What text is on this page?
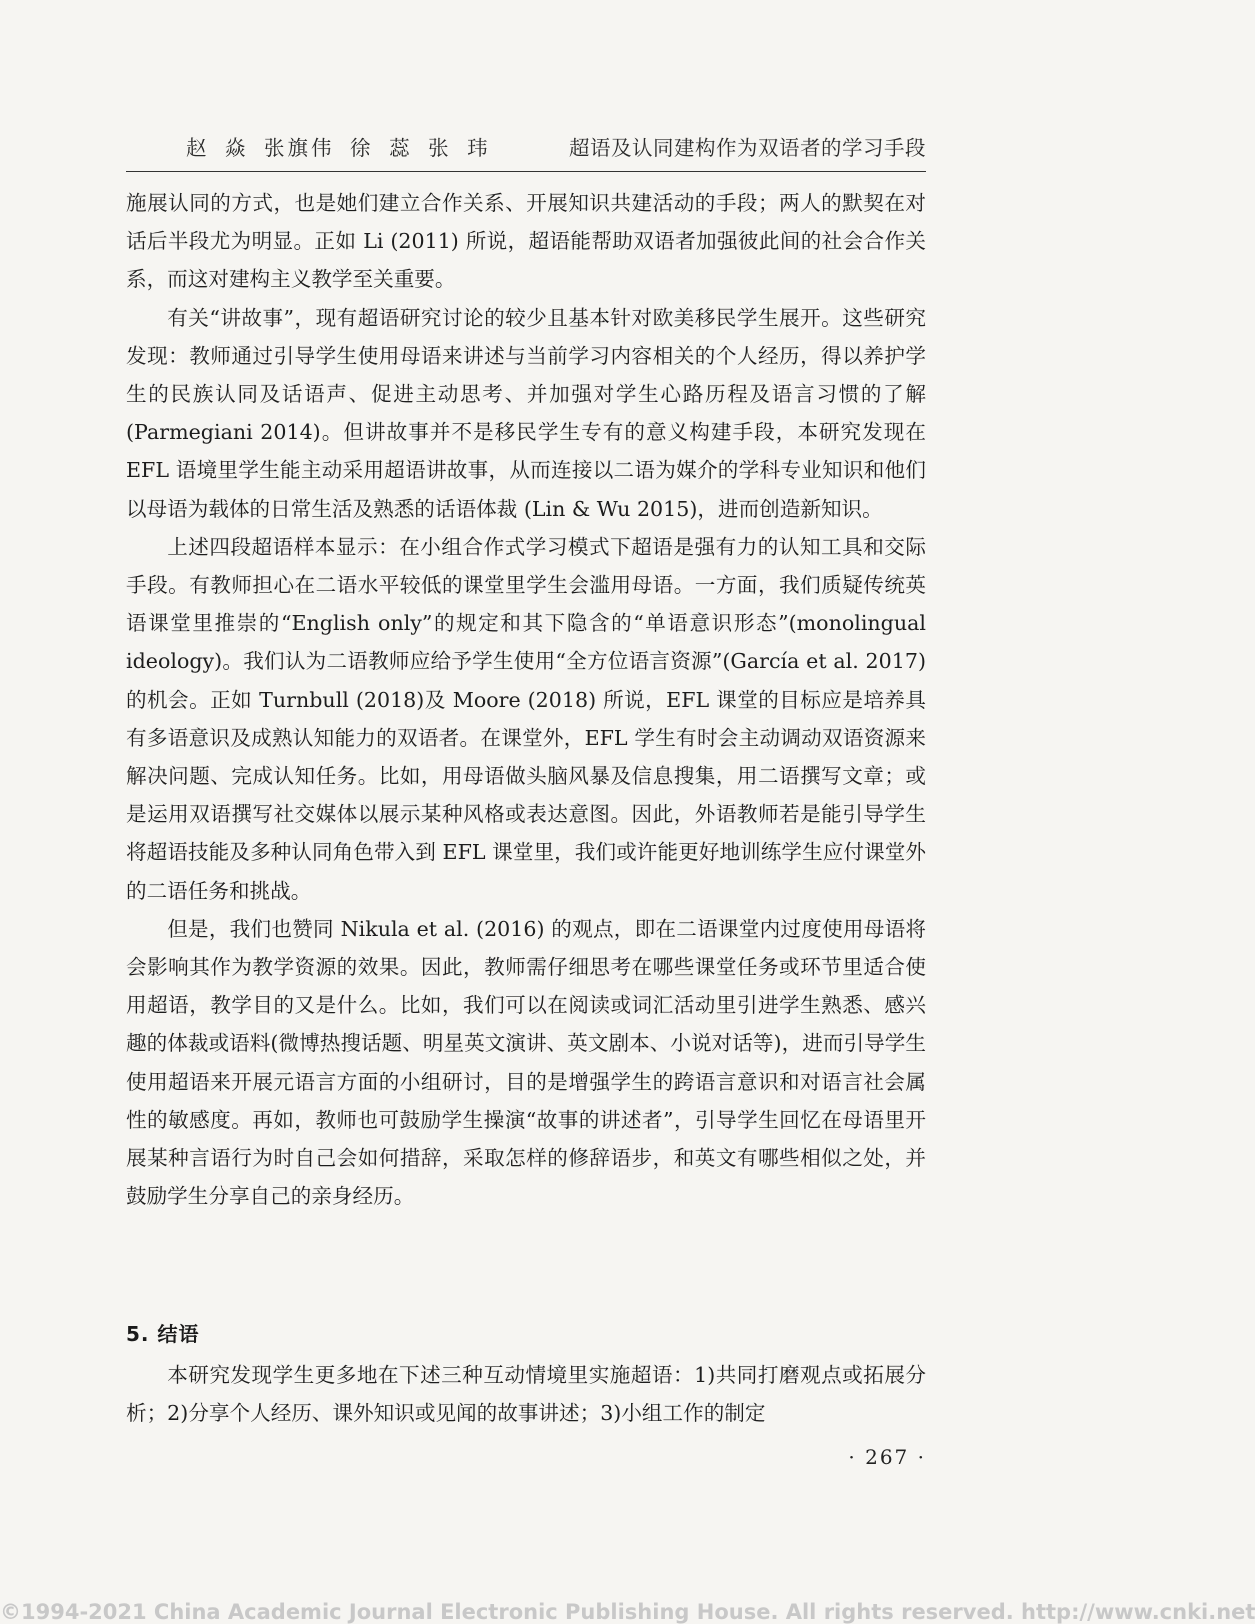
赵 焱 张旗伟 徐 蕊 张 玮	超语及认同建构作为双语者的学习手段

施展认同的方式，也是她们建立合作关系、开展知识共建活动的手段；两人的默契在对话后半段尤为明显。正如 Li (2011) 所说，超语能帮助双语者加强彼此间的社会合作关系，而这对建构主义教学至关重要。

有关“讲故事”，现有超语研究讨论的较少且基本针对欧美移民学生展开。这些研究发现：教师通过引导学生使用母语来讲述与当前学习内容相关的个人经历，得以养护学生的民族认同及话语声、促进主动思考、并加强对学生心路历程及语言习惯的了解 (Parmegiani 2014)。但讲故事并不是移民学生专有的意义构建手段，本研究发现在 EFL 语境里学生能主动采用超语讲故事，从而连接以二语为媒介的学科专业知识和他们以母语为载体的日常生活及熟悉的话语体裁 (Lin & Wu 2015)，进而创造新知识。

上述四段超语样本显示：在小组合作式学习模式下超语是强有力的认知工具和交际手段。有教师担心在二语水平较低的课堂里学生会滥用母语。一方面，我们质疑传统英语课堂里推崇的“English only”的规定和其下隐含的“单语意识形态”(monolingual ideology)。我们认为二语教师应给予学生使用“全方位语言资源”(García et al. 2017) 的机会。正如 Turnbull (2018)及 Moore (2018) 所说，EFL 课堂的目标应是培养具有多语意识及成熟认知能力的双语者。在课堂外，EFL 学生有时会主动调动双语资源来解决问题、完成认知任务。比如，用母语做头脑风暴及信息搜集，用二语撰写文章；或是运用双语撰写社交媒体以展示某种风格或表达意图。因此，外语教师若是能引导学生将超语技能及多种认同角色带入到 EFL 课堂里，我们或许能更好地训练学生应付课堂外的二语任务和挑战。

但是，我们也赞同 Nikula et al. (2016) 的观点，即在二语课堂内过度使用母语将会影响其作为教学资源的效果。因此，教师需仔细思考在哪些课堂任务或环节里适合使用超语，教学目的又是什么。比如，我们可以在阅读或词汇活动里引进学生熟悉、感兴趣的体裁或语料(微博热搜话题、明星英文演讲、英文剧本、小说对话等)，进而引导学生使用超语来开展元语言方面的小组研讨，目的是增强学生的跨语言意识和对语言社会属性的敏感度。再如，教师也可鼓励学生操演“故事的讲述者”，引导学生回忆在母语里开展某种言语行为时自己会如何措辞，采取怎样的修辞语步，和英文有哪些相似之处，并鼓励学生分享自己的亲身经历。

5. 结语

本研究发现学生更多地在下述三种互动情境里实施超语：1)共同打磨观点或拓展分析；2)分享个人经历、课外知识或见闻的故事讲述；3)小组工作的制定

· 267 ·
©1994-2021 China Academic Journal Electronic Publishing House. All rights reserved. http://www.cnki.net
